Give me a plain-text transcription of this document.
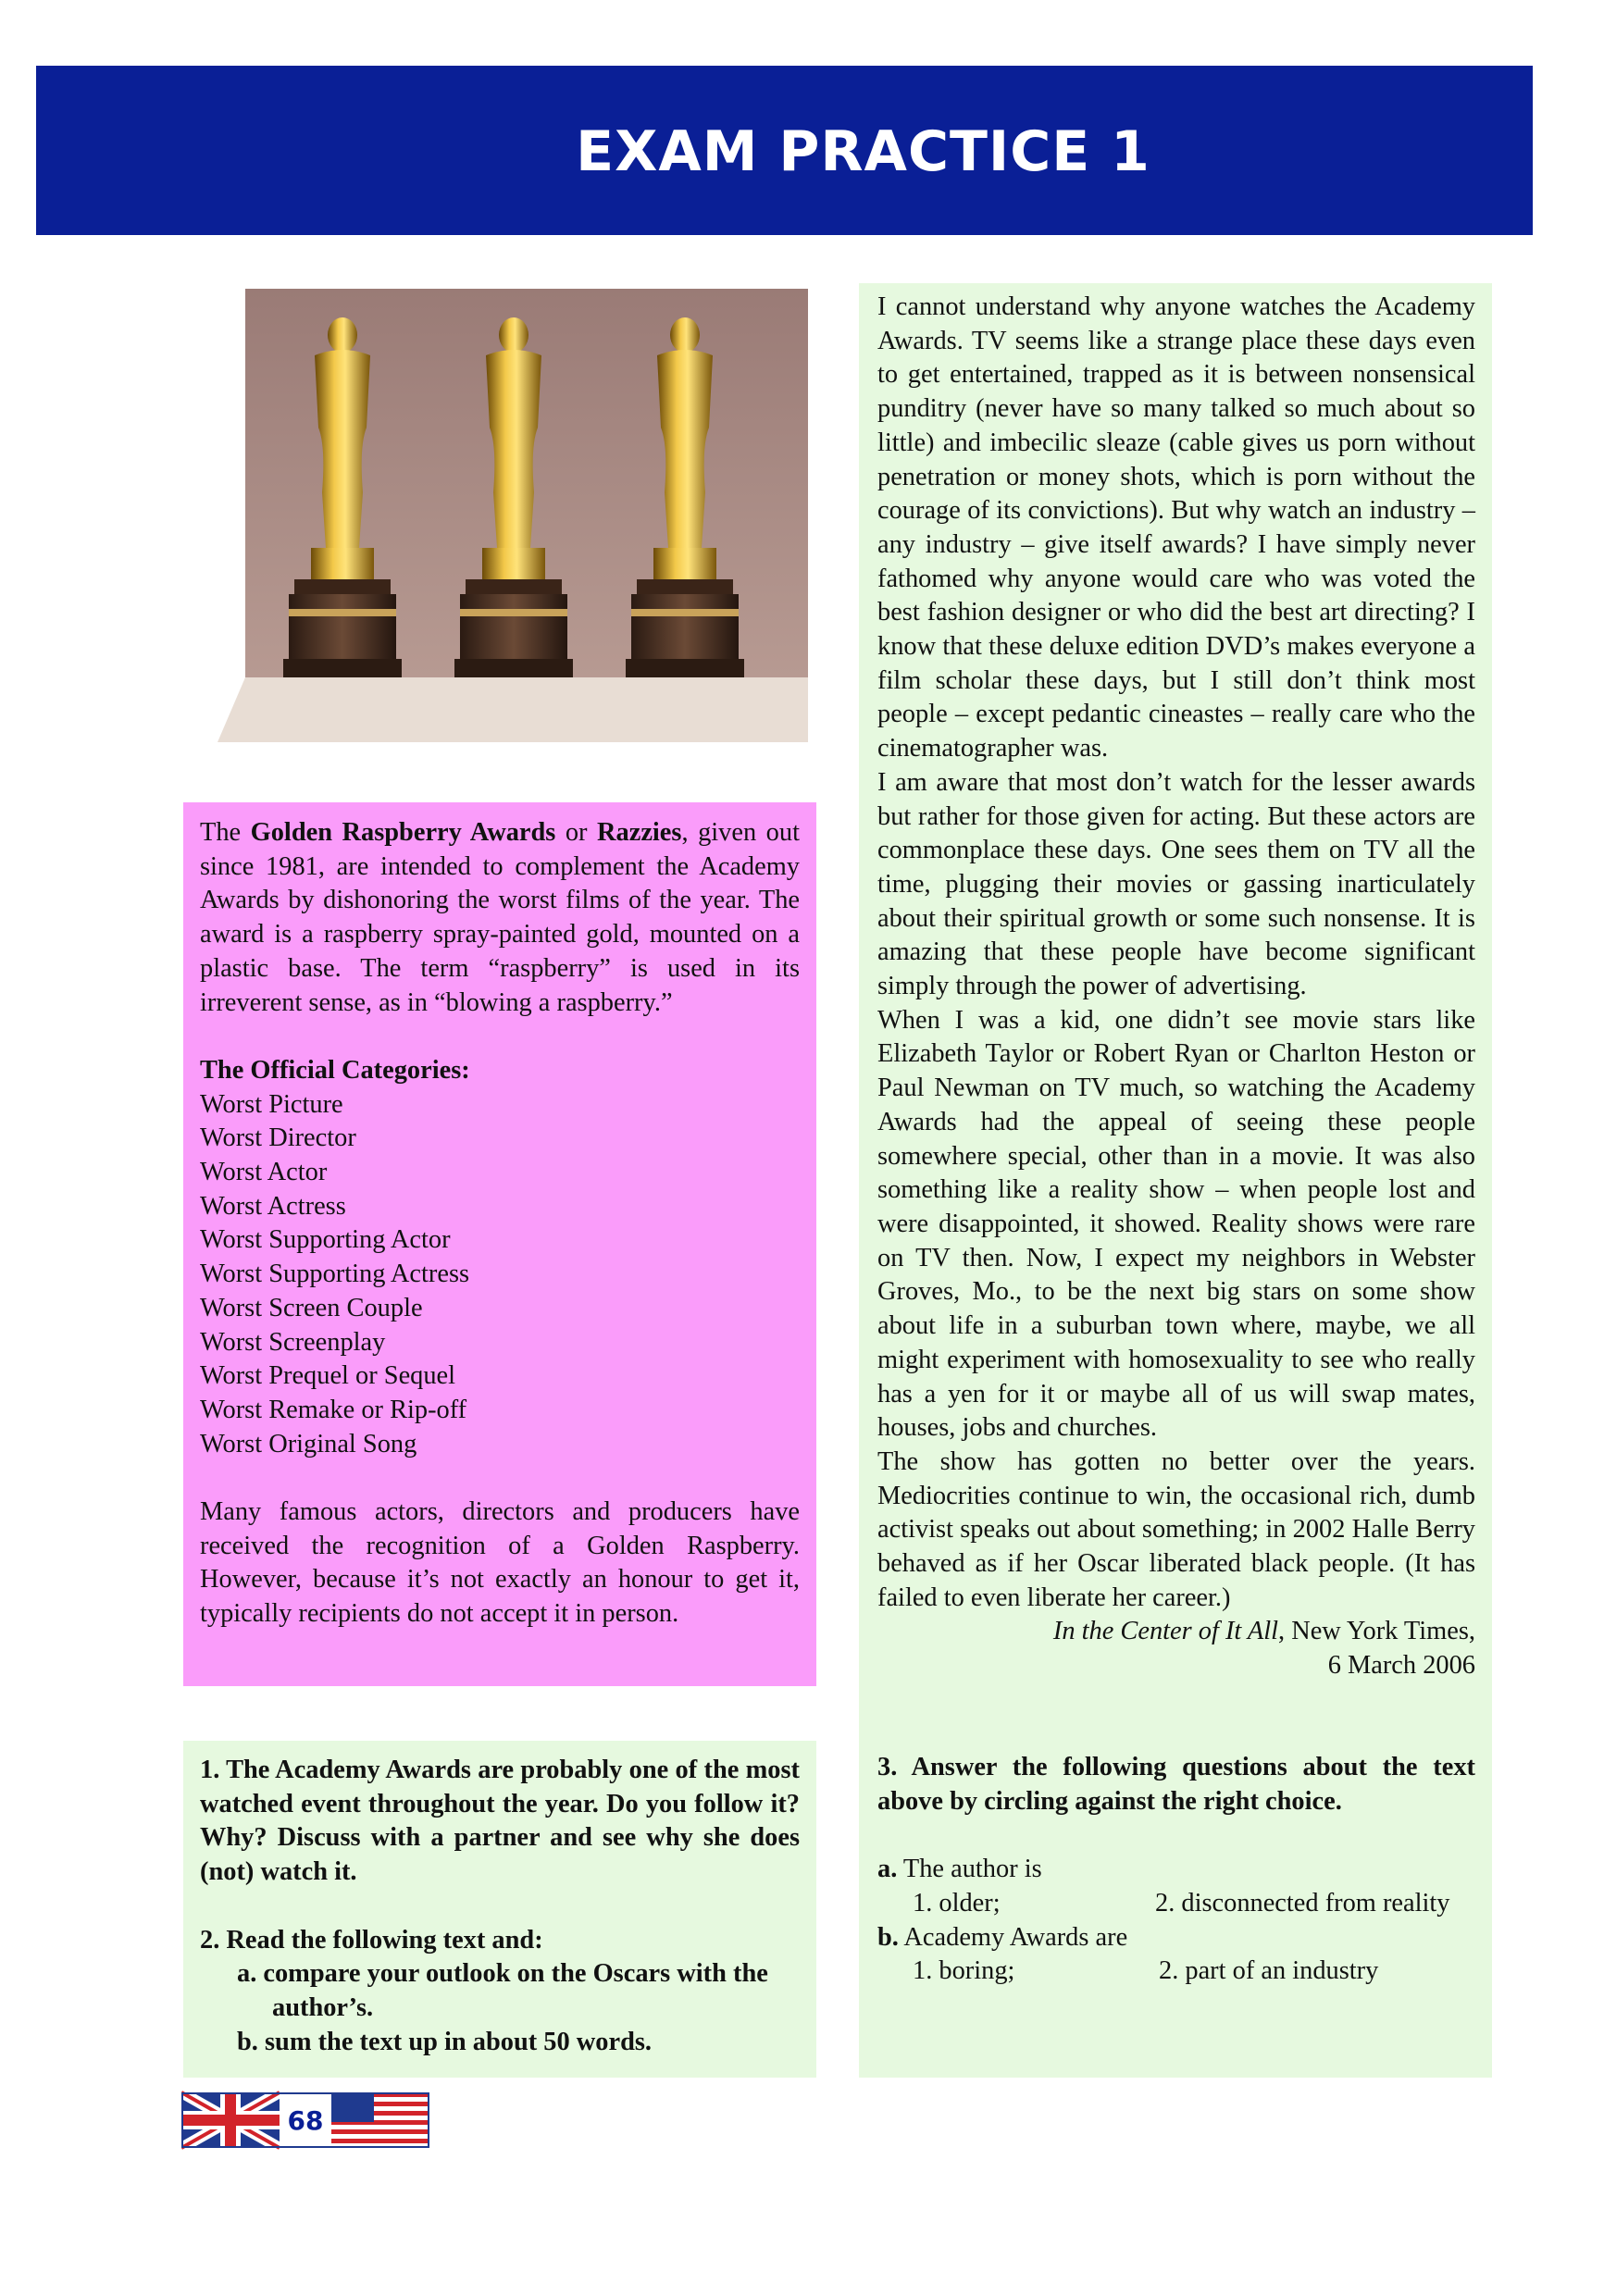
EXAM PRACTICE 1

The Golden Raspberry Awards or Razzies, given out since 1981, are intended to complement the Academy Awards by dishonoring the worst films of the year. The award is a raspberry spray-painted gold, mounted on a plastic base. The term “raspberry” is used in its irreverent sense, as in “blowing a raspberry.”

The Official Categories:

Worst Picture

Worst Director

Worst Actor

Worst Actress

Worst Supporting Actor

Worst Supporting Actress

Worst Screen Couple

Worst Screenplay

Worst Prequel or Sequel

Worst Remake or Rip-off

Worst Original Song

Many famous actors, directors and producers have received the recognition of a Golden Raspberry. However, because it’s not exactly an honour to get it, typically recipients do not accept it in person.

1. The Academy Awards are probably one of the most watched event throughout the year. Do you follow it? Why? Discuss with a partner and see why she does (not) watch it.

2. Read the following text and:

a. compare your outlook on the Oscars with the

author’s.

b. sum the text up in about 50 words.

I cannot understand why anyone watches the Academy Awards. TV seems like a strange place these days even to get entertained, trapped as it is between nonsensical punditry (never have so many talked so much about so little) and imbecilic sleaze (cable gives us porn without penetration or money shots, which is porn without the courage of its convictions). But why watch an industry – any industry – give itself awards? I have simply never fathomed why anyone would care who was voted the best fashion designer or who did the best art directing? I know that these deluxe edition DVD’s makes everyone a film scholar these days, but I still don’t think most people – except pedantic cineastes – really care who the cinematographer was.

I am aware that most don’t watch for the lesser awards but rather for those given for acting. But these actors are commonplace these days. One sees them on TV all the time, plugging their movies or gassing inarticulately about their spiritual growth or some such nonsense. It is amazing that these people have become significant simply through the power of advertising.

When I was a kid, one didn’t see movie stars like Elizabeth Taylor or Robert Ryan or Charlton Heston or Paul Newman on TV much, so watching the Academy Awards had the appeal of seeing these people somewhere special, other than in a movie. It was also something like a reality show – when people lost and were disappointed, it showed. Reality shows were rare on TV then. Now, I expect my neighbors in Webster Groves, Mo., to be the next big stars on some show about life in a suburban town where, maybe, we all might experiment with homosexuality to see who really has a yen for it or maybe all of us will swap mates, houses, jobs and churches.

The show has gotten no better over the years. Mediocrities continue to win, the occasional rich, dumb activist speaks out about something; in 2002 Halle Berry behaved as if her Oscar liberated black people. (It has failed to even liberate her career.)

In the Center of It All, New York Times,

6 March 2006

3. Answer the following questions about the text above by circling against the right choice.

a. The author is

1. older;	2. disconnected from reality

b. Academy Awards are

1. boring;	2. part of an industry
68
